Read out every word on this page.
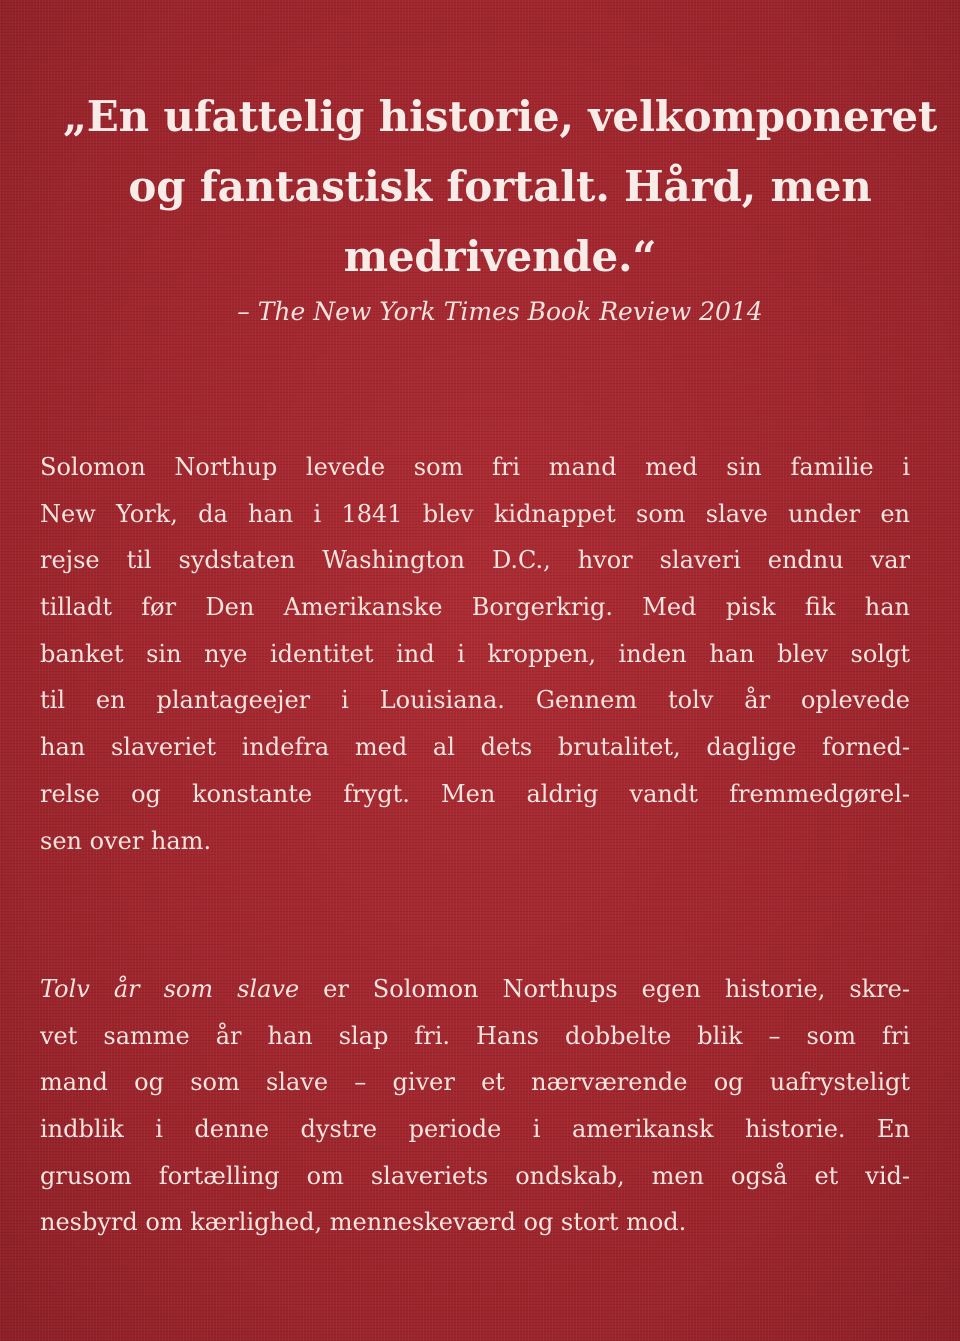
„En ufattelig historie, velkomponeret
og fantastisk fortalt. Hård, men
medrivende.“
– The New York Times Book Review 2014
Solomon Northup levede som fri mand med sin familie i
New York, da han i 1841 blev kidnappet som slave under en
rejse til sydstaten Washington D.C., hvor slaveri endnu var
tilladt før Den Amerikanske Borgerkrig. Med pisk fik han
banket sin nye identitet ind i kroppen, inden han blev solgt
til en plantageejer i Louisiana. Gennem tolv år oplevede
han slaveriet indefra med al dets brutalitet, daglige forned-
relse og konstante frygt. Men aldrig vandt fremmedgørel-
sen over ham.
Tolv år som slave er Solomon Northups egen historie, skre-
vet samme år han slap fri. Hans dobbelte blik – som fri
mand og som slave – giver et nærværende og uafrysteligt
indblik i denne dystre periode i amerikansk historie. En
grusom fortælling om slaveriets ondskab, men også et vid-
nesbyrd om kærlighed, menneskeværd og stort mod.
